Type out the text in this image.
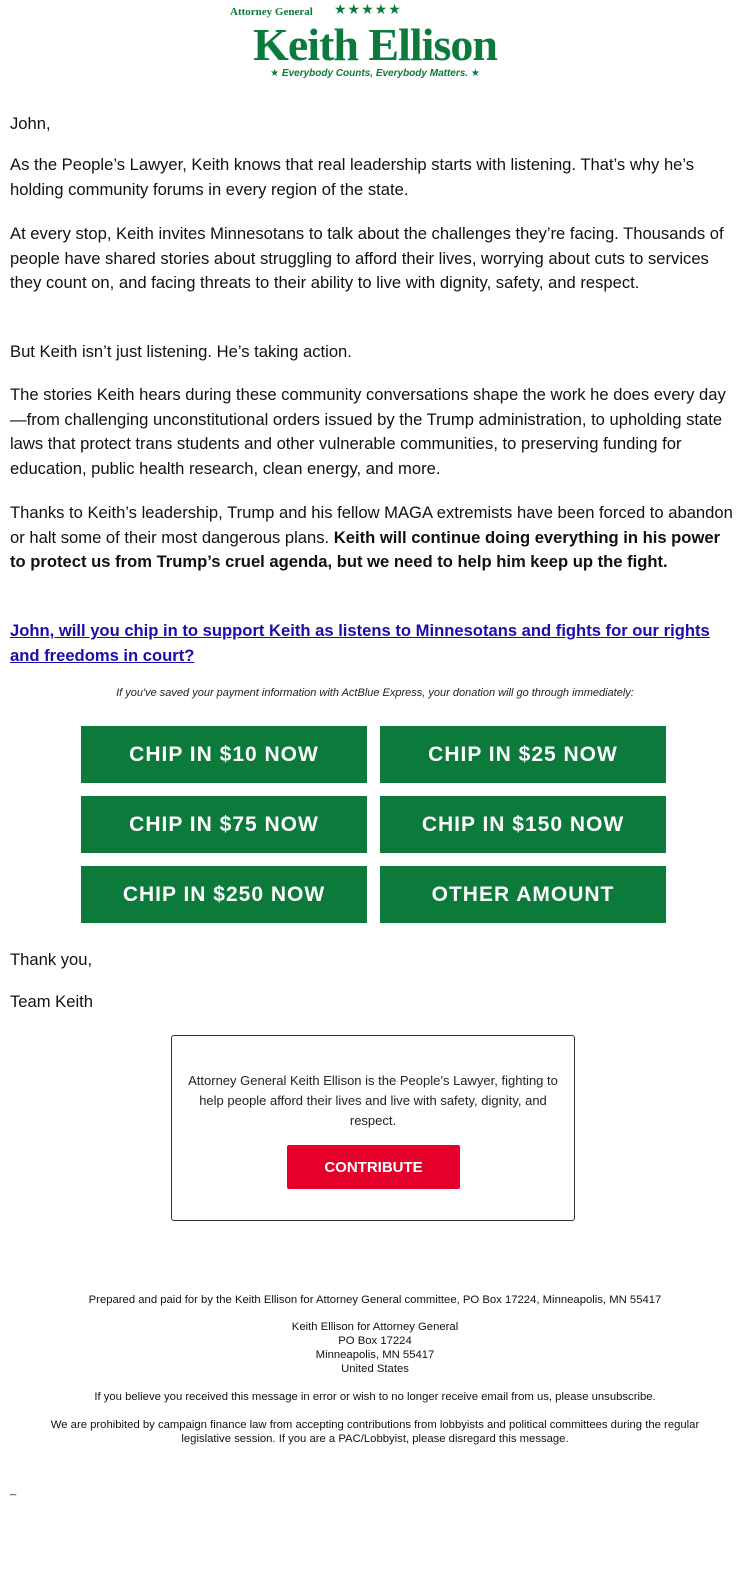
Attorney General ★★★★★
Keith Ellison
★ Everybody Counts, Everybody Matters. ★

John,

As the People’s Lawyer, Keith knows that real leadership starts with listening. That’s why he’s holding community forums in every region of the state.

At every stop, Keith invites Minnesotans to talk about the challenges they’re facing. Thousands of people have shared stories about struggling to afford their lives, worrying about cuts to services they count on, and facing threats to their ability to live with dignity, safety, and respect.

But Keith isn’t just listening. He’s taking action.

The stories Keith hears during these community conversations shape the work he does every day—from challenging unconstitutional orders issued by the Trump administration, to upholding state laws that protect trans students and other vulnerable communities, to preserving funding for education, public health research, clean energy, and more.

Thanks to Keith’s leadership, Trump and his fellow MAGA extremists have been forced to abandon or halt some of their most dangerous plans. Keith will continue doing everything in his power to protect us from Trump’s cruel agenda, but we need to help him keep up the fight.

John, will you chip in to support Keith as listens to Minnesotans and fights for our rights and freedoms in court?

If you've saved your payment information with ActBlue Express, your donation will go through immediately:
CHIP IN $10 NOW	CHIP IN $25 NOW
CHIP IN $75 NOW	CHIP IN $150 NOW
CHIP IN $250 NOW	OTHER AMOUNT

Thank you,

Team Keith

Attorney General Keith Ellison is the People’s Lawyer, fighting to help people afford their lives and live with safety, dignity, and respect.
CONTRIBUTE
Prepared and paid for by the Keith Ellison for Attorney General committee, PO Box 17224, Minneapolis, MN 55417
Keith Ellison for Attorney General
PO Box 17224
Minneapolis, MN 55417
United States
If you believe you received this message in error or wish to no longer receive email from us, please unsubscribe.
We are prohibited by campaign finance law from accepting contributions from lobbyists and political committees during the regular legislative session. If you are a PAC/Lobbyist, please disregard this message.
_
